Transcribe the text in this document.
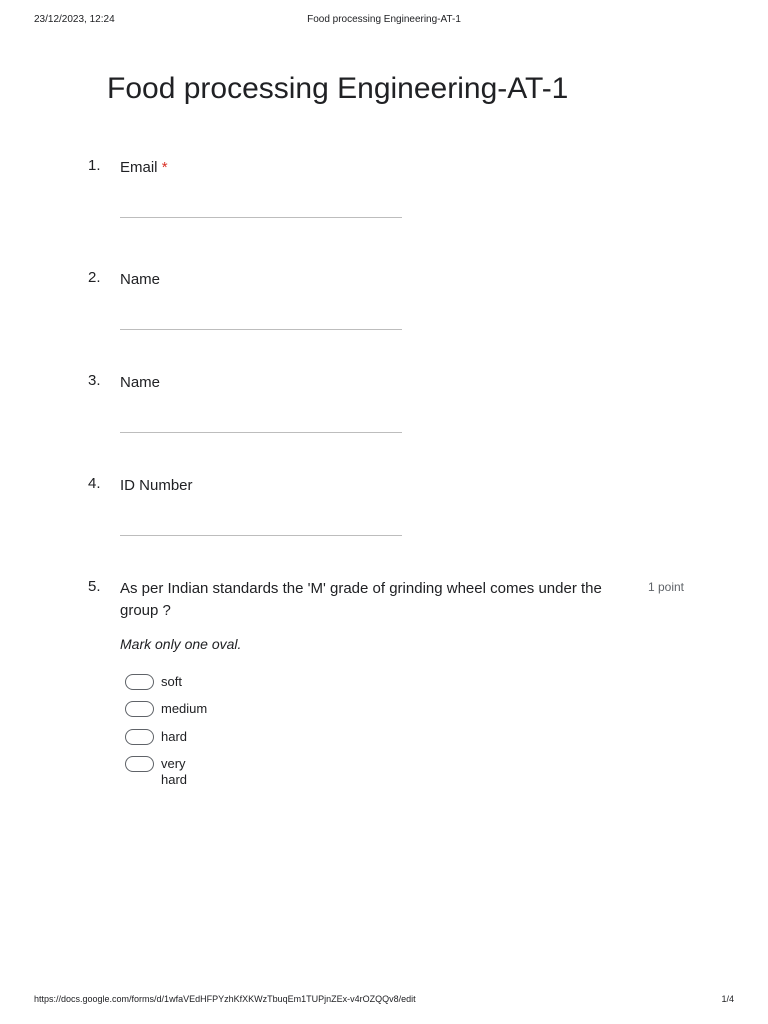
23/12/2023, 12:24	Food processing Engineering-AT-1
Food processing Engineering-AT-1
1. Email *
2. Name
3. Name
4. ID Number
5. As per Indian standards the 'M' grade of grinding wheel comes under the group ?
1 point
Mark only one oval.
soft
medium
hard
very hard
https://docs.google.com/forms/d/1wfaVEdHFPYzhKfXKWzTbuqEm1TUPjnZEx-v4rOZQQv8/edit	1/4
